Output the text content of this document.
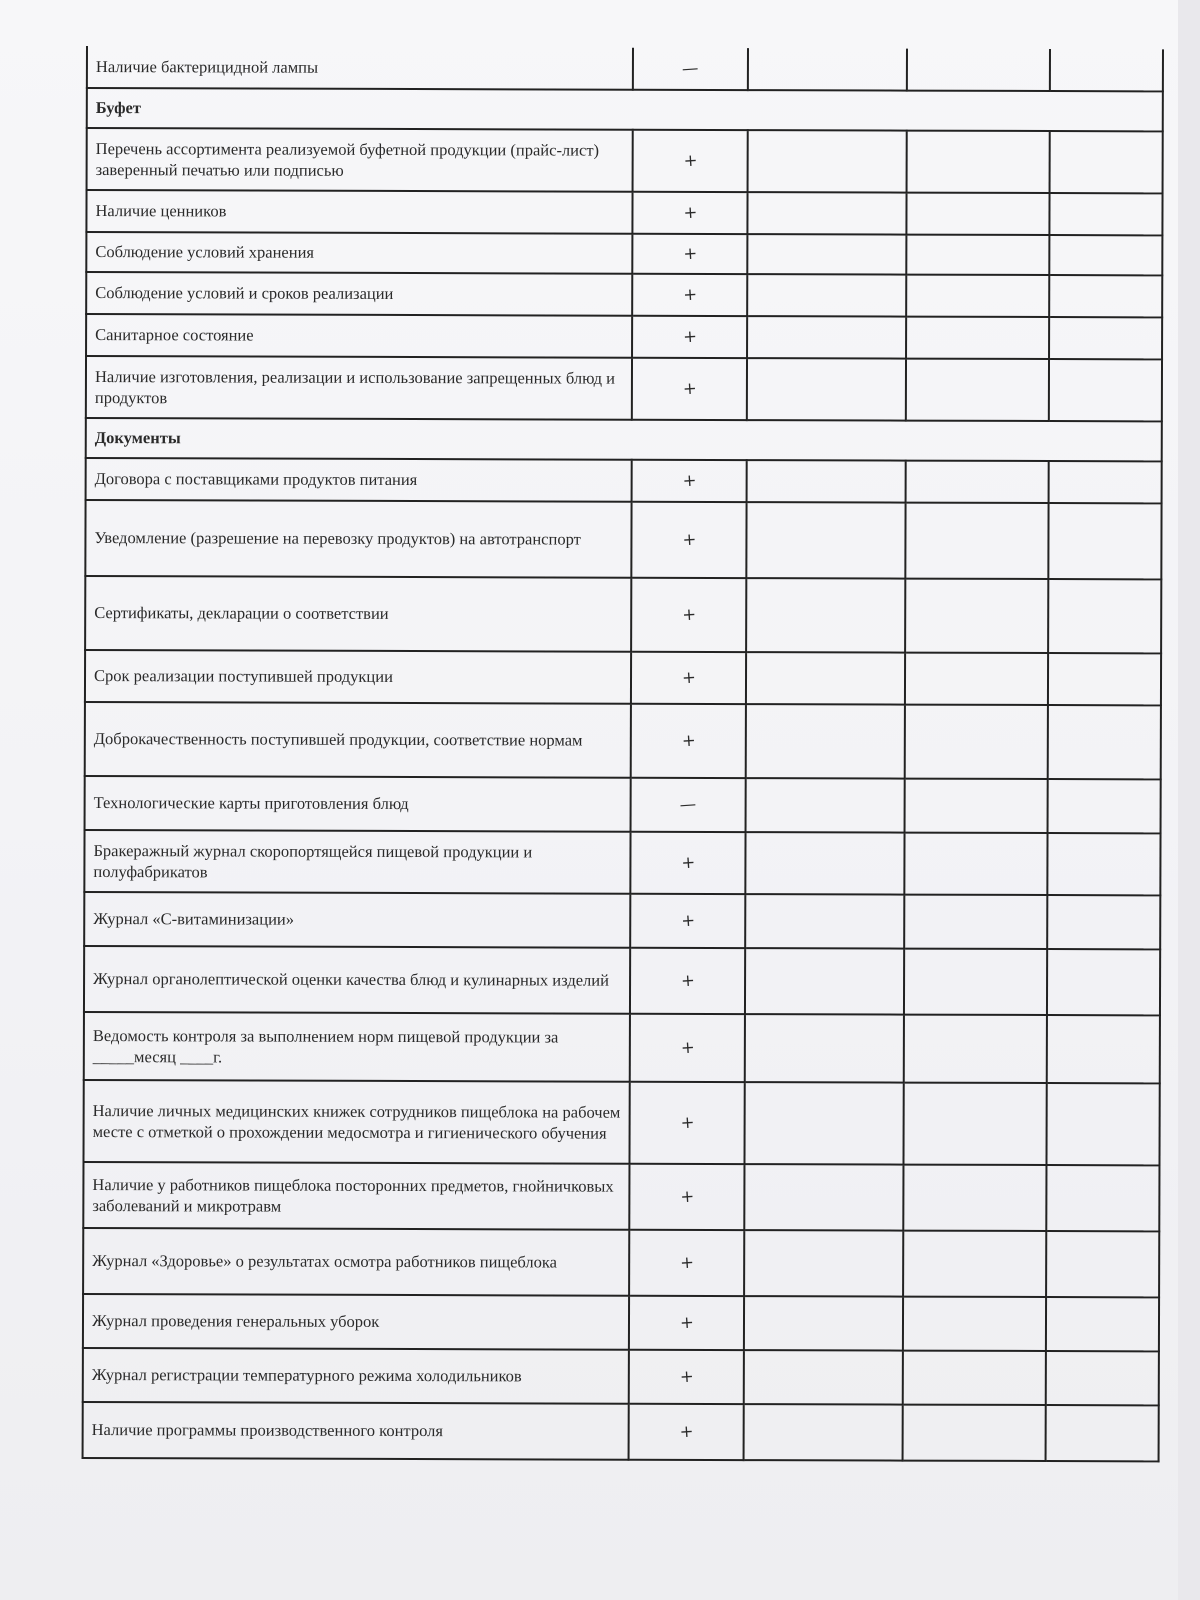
Наличие бактерицидной лампы	—			
Буфет				
Перечень ассортимента реализуемой буфетной продукции (прайс-лист) заверенный печатью или подписью	+			
Наличие ценников	+			
Соблюдение условий хранения	+			
Соблюдение условий и сроков реализации	+			
Санитарное состояние	+			
Наличие изготовления, реализации и использование запрещенных блюд и продуктов	+			
Документы				
Договора с поставщиками продуктов питания	+			
Уведомление (разрешение на перевозку продуктов) на автотранспорт	+			
Сертификаты, декларации о соответствии	+			
Срок реализации поступившей продукции	+			
Доброкачественность поступившей продукции, соответствие нормам	+			
Технологические карты приготовления блюд	—			
Бракеражный журнал скоропортящейся пищевой продукции и полуфабрикатов	+			
Журнал «С-витаминизации»	+			
Журнал органолептической оценки качества блюд и кулинарных изделий	+			
Ведомость контроля за выполнением норм пищевой продукции за _____месяц ____г.	+			
Наличие личных медицинских книжек сотрудников пищеблока на рабочем месте с отметкой о прохождении медосмотра и гигиенического обучения	+			
Наличие у работников пищеблока посторонних предметов, гнойничковых заболеваний и микротравм	+			
Журнал «Здоровье» о результатах осмотра работников пищеблока	+			
Журнал проведения генеральных уборок	+			
Журнал регистрации температурного режима холодильников	+			
Наличие программы производственного контроля	+			
